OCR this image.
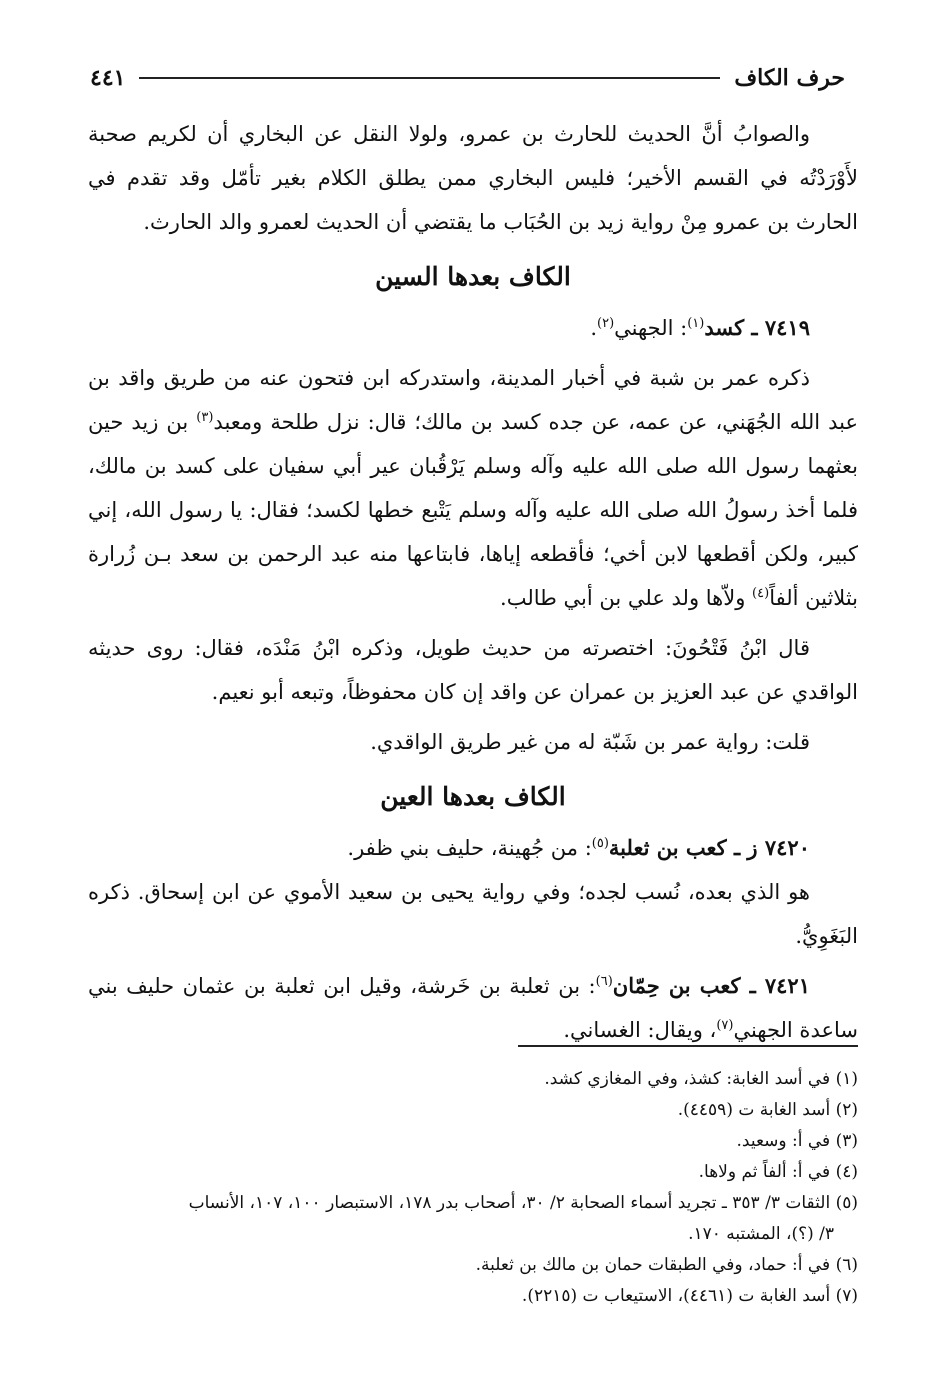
حرف الكاف
٤٤١

والصوابُ أنَّ الحديث للحارث بن عمرو، ولولا النقل عن البخاري أن لكريم صحبة لأَوْرَدْتُه في القسم الأخير؛ فليس البخاري ممن يطلق الكلام بغير تأمّل وقد تقدم في الحارث بن عمرو مِنْ رواية زيد بن الحُبَاب ما يقتضي أن الحديث لعمرو والد الحارث.

الكاف بعدها السين

٧٤١٩ ـ كسد$^{(١)}$: الجهني$^{(٢)}$.

ذكره عمر بن شبة في أخبار المدينة، واستدركه ابن فتحون عنه من طريق واقد بن عبد الله الجُهَني، عن عمه، عن جده كسد بن مالك؛ قال: نزل طلحة ومعبد$^{(٣)}$ بن زيد حين بعثهما رسول الله صلى الله عليه وآله وسلم يَرْقُبان عير أبي سفيان على كسد بن مالك، فلما أخذ رسولُ الله صلى الله عليه وآله وسلم يَتْبع خطها لكسد؛ فقال: يا رسول الله، إني كبير، ولكن أقطعها لابن أخي؛ فأقطعه إياها، فابتاعها منه عبد الرحمن بن سعد بـن زُرارة بثلاثين ألفاً$^{(٤)}$ ولاّها ولد علي بن أبي طالب.

قال ابْنُ فَتْحُونَ: اختصرته من حديث طويل، وذكره ابْنُ مَنْدَه، فقال: روى حديثه الواقدي عن عبد العزيز بن عمران عن واقد إن كان محفوظاً، وتبعه أبو نعيم.

قلت: رواية عمر بن شَبّة له من غير طريق الواقدي.

الكاف بعدها العين

٧٤٢٠ ز ـ كعب بن ثعلبة$^{(٥)}$: من جُهينة، حليف بني ظفر.

هو الذي بعده، نُسب لجده؛ وفي رواية يحيى بن سعيد الأموي عن ابن إسحاق. ذكره البَغَوِيُّ.

٧٤٢١ ـ كعب بن حِمّان$^{(٦)}$: بن ثعلبة بن خَرشة، وقيل ابن ثعلبة بن عثمان حليف بني ساعدة الجهني$^{(٧)}$، ويقال: الغساني.

(١) في أسد الغابة: كشذ، وفي المغازي كشد.

(٢) أسد الغابة ت (٤٤٥٩).

(٣) في أ: وسعيد.

(٤) في أ: ألفاً ثم ولاها.

(٥) الثقات ٣/ ٣٥٣ ـ تجريد أسماء الصحابة ٢/ ٣٠، أصحاب بدر ١٧٨، الاستبصار ١٠٠، ١٠٧، الأنساب

٣/ (؟)، المشتبه ١٧٠.

(٦) في أ: حماد، وفي الطبقات حمان بن مالك بن ثعلبة.

(٧) أسد الغابة ت (٤٤٦١)، الاستيعاب ت (٢٢١٥).
